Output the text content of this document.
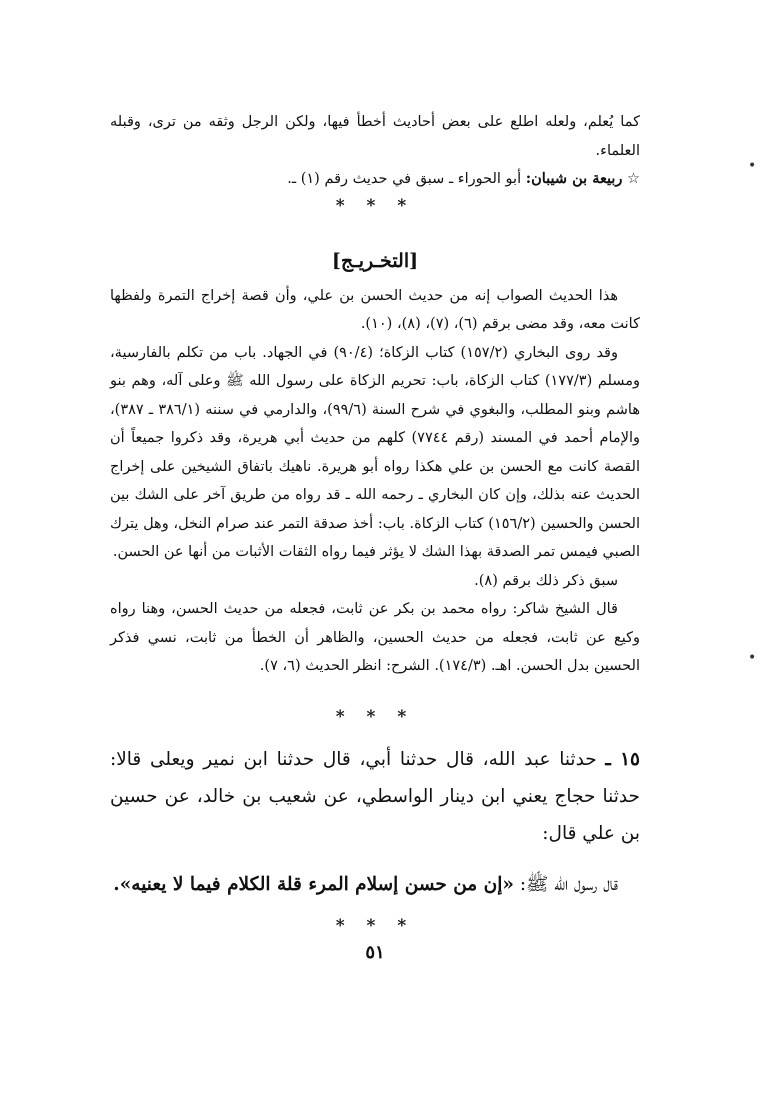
•
•

كما يُعلم، ولعله اطلع على بعض أحاديث أخطأ فيها، ولكن الرجل وثقه من ترى، وقبله العلماء.

☆ ربيعة بن شيبان: أبو الحوراء ـ سبق في حديث رقم (١) ـ.

* * *

[التخـريـج]

هذا الحديث الصواب إنه من حديث الحسن بن علي، وأن قصة إخراج التمرة ولفظها كانت معه، وقد مضى برقم (٦)، (٧)، (٨)، (١٠).

وقد روى البخاري (١٥٧/٢) كتاب الزكاة؛ (٩٠/٤) في الجهاد. باب من تكلم بالفارسية، ومسلم (١٧٧/٣) كتاب الزكاة، باب: تحريم الزكاة على رسول الله ﷺ وعلى آله، وهم بنو هاشم وبنو المطلب، والبغوي في شرح السنة (٩٩/٦)، والدارمي في سننه (٣٨٦/١ ـ ٣٨٧)، والإمام أحمد في المسند (رقم ٧٧٤٤) كلهم من حديث أبي هريرة، وقد ذكروا جميعاً أن القصة كانت مع الحسن بن علي هكذا رواه أبو هريرة. ناهيك باتفاق الشيخين على إخراج الحديث عنه بذلك، وإن كان البخاري ـ رحمه الله ـ قد رواه من طريق آخر على الشك بين الحسن والحسين (١٥٦/٢) كتاب الزكاة. باب: أخذ صدقة التمر عند صرام النخل، وهل يترك الصبي فيمس تمر الصدقة بهذا الشك لا يؤثر فيما رواه الثقات الأثبات من أنها عن الحسن.

سبق ذكر ذلك برقم (٨).

قال الشيخ شاكر: رواه محمد بن بكر عن ثابت، فجعله من حديث الحسن، وهنا رواه وكيع عن ثابت، فجعله من حديث الحسين، والظاهر أن الخطأ من ثابت، نسي فذكر الحسين بدل الحسن. اهـ. (١٧٤/٣). الشرح: انظر الحديث (٦، ٧).

* * *

١٥ ـ حدثنا عبد الله، قال حدثنا أبي، قال حدثنا ابن نمير ويعلى قالا: حدثنا حجاج يعني ابن دينار الواسطي، عن شعيب بن خالد، عن حسين بن علي قال:

قال رسول الله ﷺ: «إن من حسن إسلام المرء قلة الكلام فيما لا يعنيه».

* * *

٥١
